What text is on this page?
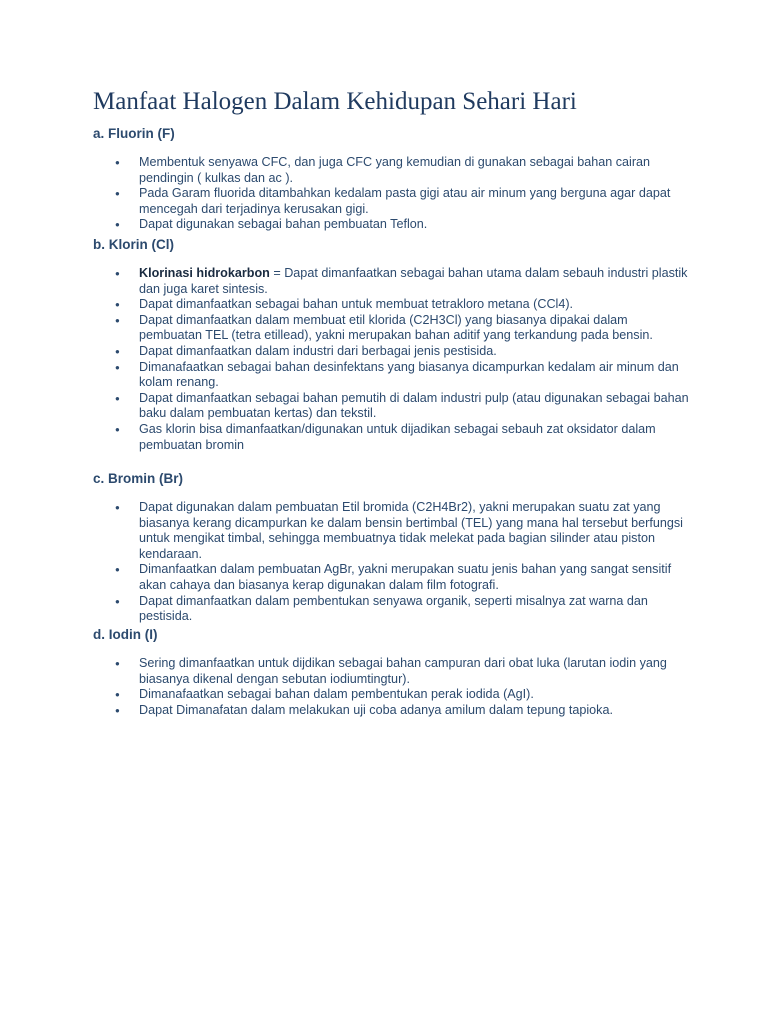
Manfaat Halogen Dalam Kehidupan Sehari Hari
a. Fluorin (F)
● Membentuk senyawa CFC, dan juga CFC yang kemudian di gunakan sebagai bahan cairan pendingin ( kulkas dan ac ).
● Pada Garam fluorida ditambahkan kedalam pasta gigi atau air minum yang berguna agar dapat mencegah dari terjadinya kerusakan gigi.
● Dapat digunakan sebagai bahan pembuatan Teflon.
b. Klorin (Cl)
● Klorinasi hidrokarbon = Dapat dimanfaatkan sebagai bahan utama dalam sebauh industri plastik dan juga karet sintesis.
● Dapat dimanfaatkan sebagai bahan untuk membuat tetrakloro metana (CCl4).
● Dapat dimanfaatkan dalam membuat etil klorida (C2H3Cl) yang biasanya dipakai dalam pembuatan TEL (tetra etillead), yakni merupakan bahan aditif yang terkandung pada bensin.
● Dapat dimanfaatkan dalam industri dari berbagai jenis pestisida.
● Dimanafaatkan sebagai bahan desinfektans yang biasanya dicampurkan kedalam air minum dan kolam renang.
● Dapat dimanfaatkan sebagai bahan pemutih di dalam industri pulp (atau digunakan sebagai bahan baku dalam pembuatan kertas) dan tekstil.
● Gas klorin bisa dimanfaatkan/digunakan untuk dijadikan sebagai sebauh zat oksidator dalam pembuatan bromin
c. Bromin (Br)
● Dapat digunakan dalam pembuatan Etil bromida (C2H4Br2), yakni merupakan suatu zat yang biasanya kerang dicampurkan ke dalam bensin bertimbal (TEL) yang mana hal tersebut berfungsi untuk mengikat timbal, sehingga membuatnya tidak melekat pada bagian silinder atau piston kendaraan.
● Dimanfaatkan dalam pembuatan AgBr, yakni merupakan suatu jenis bahan yang sangat sensitif akan cahaya dan biasanya kerap digunakan dalam film fotografi.
● Dapat dimanfaatkan dalam pembentukan senyawa organik, seperti misalnya zat warna dan pestisida.
d. Iodin (I)
● Sering dimanfaatkan untuk dijdikan sebagai bahan campuran dari obat luka (larutan iodin yang biasanya dikenal dengan sebutan iodiumtingtur).
● Dimanafaatkan sebagai bahan dalam pembentukan perak iodida (AgI).
● Dapat Dimanafatan dalam melakukan uji coba adanya amilum dalam tepung tapioka.
